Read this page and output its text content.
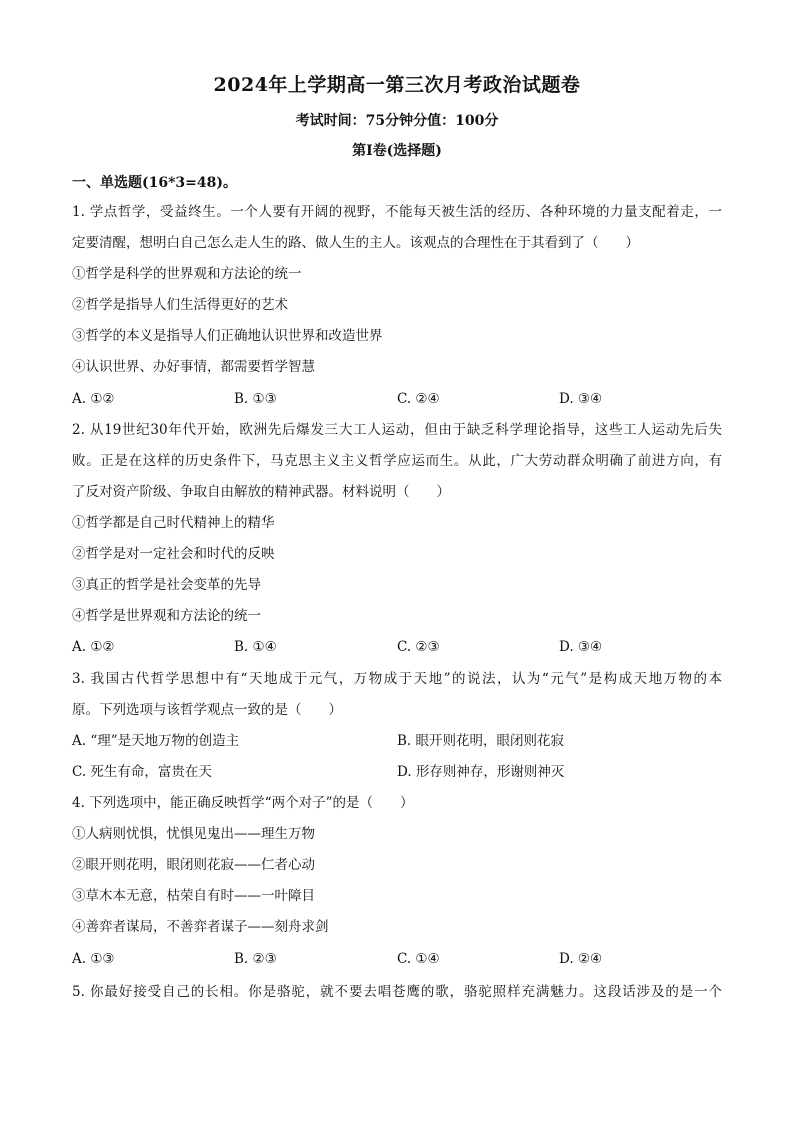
2024年上学期高一第三次月考政治试题卷
考试时间：75分钟分值：100分
第Ⅰ卷(选择题)
一、单选题(16*3=48)。
1. 学点哲学，受益终生。一个人要有开阔的视野，不能每天被生活的经历、各种环境的力量支配着走，一
定要清醒，想明白自己怎么走人生的路、做人生的主人。该观点的合理性在于其看到了（　　）
①哲学是科学的世界观和方法论的统一
②哲学是指导人们生活得更好的艺术
③哲学的本义是指导人们正确地认识世界和改造世界
④认识世界、办好事情，都需要哲学智慧
A. ①②	B. ①③	C. ②④	D. ③④
2. 从19世纪30年代开始，欧洲先后爆发三大工人运动，但由于缺乏科学理论指导，这些工人运动先后失
败。正是在这样的历史条件下，马克思主义主义哲学应运而生。从此，广大劳动群众明确了前进方向，有
了反对资产阶级、争取自由解放的精神武器。材料说明（　　）
①哲学都是自己时代精神上的精华
②哲学是对一定社会和时代的反映
③真正的哲学是社会变革的先导
④哲学是世界观和方法论的统一
A. ①②	B. ①④	C. ②③	D. ③④
3. 我国古代哲学思想中有“天地成于元气，万物成于天地”的说法，认为“元气”是构成天地万物的本
原。下列选项与该哲学观点一致的是（　　）
A. “理”是天地万物的创造主	B. 眼开则花明，眼闭则花寂
C. 死生有命，富贵在天	D. 形存则神存，形谢则神灭
4. 下列选项中，能正确反映哲学“两个对子”的是（　　）
①人病则忧惧，忧惧见鬼出——理生万物
②眼开则花明，眼闭则花寂——仁者心动
③草木本无意，枯荣自有时——一叶障目
④善弈者谋局，不善弈者谋子——刻舟求剑
A. ①③	B. ②③	C. ①④	D. ②④
5. 你最好接受自己的长相。你是骆驼，就不要去唱苍鹰的歌，骆驼照样充满魅力。这段话涉及的是一个
